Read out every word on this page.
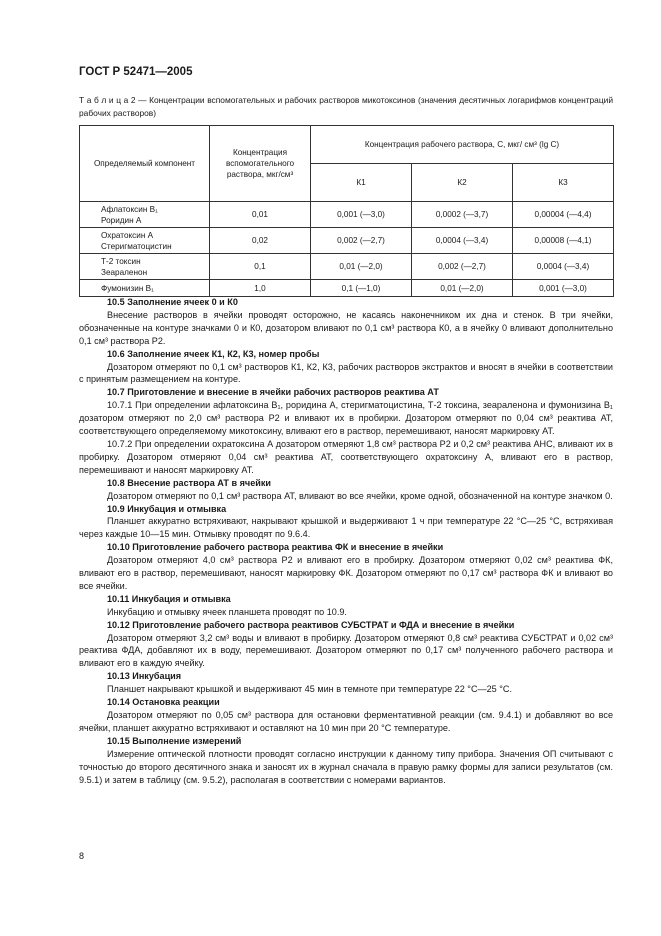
ГОСТ Р 52471—2005
Т а б л и ц а 2 — Концентрации вспомогательных и рабочих растворов микотоксинов (значения десятичных логарифмов концентраций рабочих растворов)
Определяемый компонент	Концентрация вспомогательного раствора, мкг/см³	Концентрация рабочего раствора, С, мкг/ см³ (lg С)		
		К1	К2	К3

Афлатоксин В₁
Роридин А	0,01	0,001 (—3,0)	0,0002 (—3,7)	0,00004 (—4,4)

Охратоксин А
Стеригматоцистин	0,02	0,002 (—2,7)	0,0004 (—3,4)	0,00008 (—4,1)

Т-2 токсин
Зеараленон	0,1	0,01 (—2,0)	0,002 (—2,7)	0,0004 (—3,4)

Фумонизин В₁	1,0	0,1 (—1,0)	0,01 (—2,0)	0,001 (—3,0)

10.5 Заполнение ячеек 0 и К0

Внесение растворов в ячейки проводят осторожно, не касаясь наконечником их дна и стенок. В три ячейки, обозначенные на контуре значками 0 и К0, дозатором вливают по 0,1 см³ раствора К0, а в ячейку 0 вливают дополнительно 0,1 см³ раствора Р2.

10.6 Заполнение ячеек К1, К2, К3, номер пробы

Дозатором отмеряют по 0,1 см³ растворов К1, К2, К3, рабочих растворов экстрактов и вносят в ячейки в соответствии с принятым размещением на контуре.

10.7 Приготовление и внесение в ячейки рабочих растворов реактива АТ

10.7.1 При определении афлатоксина В₁, роридина А, стеригматоцистина, Т-2 токсина, зеараленона и фумонизина В₁ дозатором отмеряют по 2,0 см³ раствора Р2 и вливают их в пробирки. Дозатором отмеряют по 0,04 см³ реактива АТ, соответствующего определяемому микотоксину, вливают его в раствор, перемешивают, наносят маркировку АТ.

10.7.2 При определении охратоксина А дозатором отмеряют 1,8 см³ раствора Р2 и 0,2 см³ реактива АНС, вливают их в пробирку. Дозатором отмеряют 0,04 см³ реактива АТ, соответствующего охратоксину А, вливают его в раствор, перемешивают и наносят маркировку АТ.

10.8 Внесение раствора АТ в ячейки

Дозатором отмеряют по 0,1 см³ раствора АТ, вливают во все ячейки, кроме одной, обозначенной на контуре значком 0.

10.9 Инкубация и отмывка

Планшет аккуратно встряхивают, накрывают крышкой и выдерживают 1 ч при температуре 22 °С—25 °С, встряхивая через каждые 10—15 мин. Отмывку проводят по 9.6.4.

10.10 Приготовление рабочего раствора реактива ФК и внесение в ячейки

Дозатором отмеряют 4,0 см³ раствора Р2 и вливают его в пробирку. Дозатором отмеряют 0,02 см³ реактива ФК, вливают его в раствор, перемешивают, наносят маркировку ФК. Дозатором отмеряют по 0,17 см³ раствора ФК и вливают во все ячейки.

10.11 Инкубация и отмывка

Инкубацию и отмывку ячеек планшета проводят по 10.9.

10.12 Приготовление рабочего раствора реактивов СУБСТРАТ и ФДА и внесение в ячейки

Дозатором отмеряют 3,2 см³ воды и вливают в пробирку. Дозатором отмеряют 0,8 см³ реактива СУБСТРАТ и 0,02 см³ реактива ФДА, добавляют их в воду, перемешивают. Дозатором отмеряют по 0,17 см³ полученного рабочего раствора и вливают его в каждую ячейку.

10.13 Инкубация

Планшет накрывают крышкой и выдерживают 45 мин в темноте при температуре 22 °С—25 °С.

10.14 Остановка реакции

Дозатором отмеряют по 0,05 см³ раствора для остановки ферментативной реакции (см. 9.4.1) и добавляют во все ячейки, планшет аккуратно встряхивают и оставляют на 10 мин при 20 °С температуре.

10.15 Выполнение измерений

Измерение оптической плотности проводят согласно инструкции к данному типу прибора. Значения ОП считывают с точностью до второго десятичного знака и заносят их в журнал сначала в правую рамку формы для записи результатов (см. 9.5.1) и затем в таблицу (см. 9.5.2), располагая в соответствии с номерами вариантов.

8
